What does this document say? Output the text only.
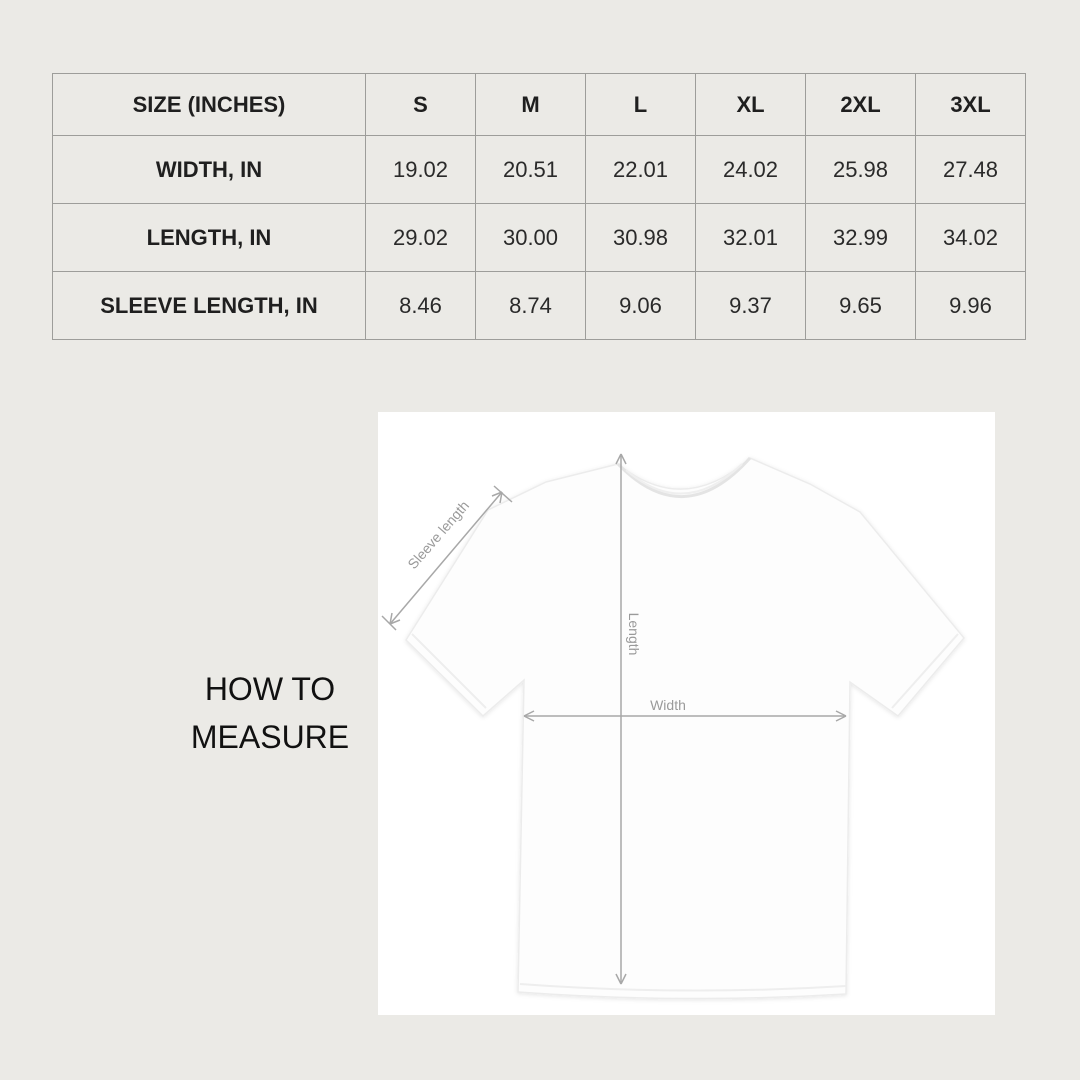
SIZE (INCHES)	S	M	L	XL	2XL	3XL
WIDTH, IN	19.02	20.51	22.01	24.02	25.98	27.48
LENGTH, IN	29.02	30.00	30.98	32.01	32.99	34.02
SLEEVE LENGTH, IN	8.46	8.74	9.06	9.37	9.65	9.96
HOW TO
MEASURE
Sleeve length
Length
Width
